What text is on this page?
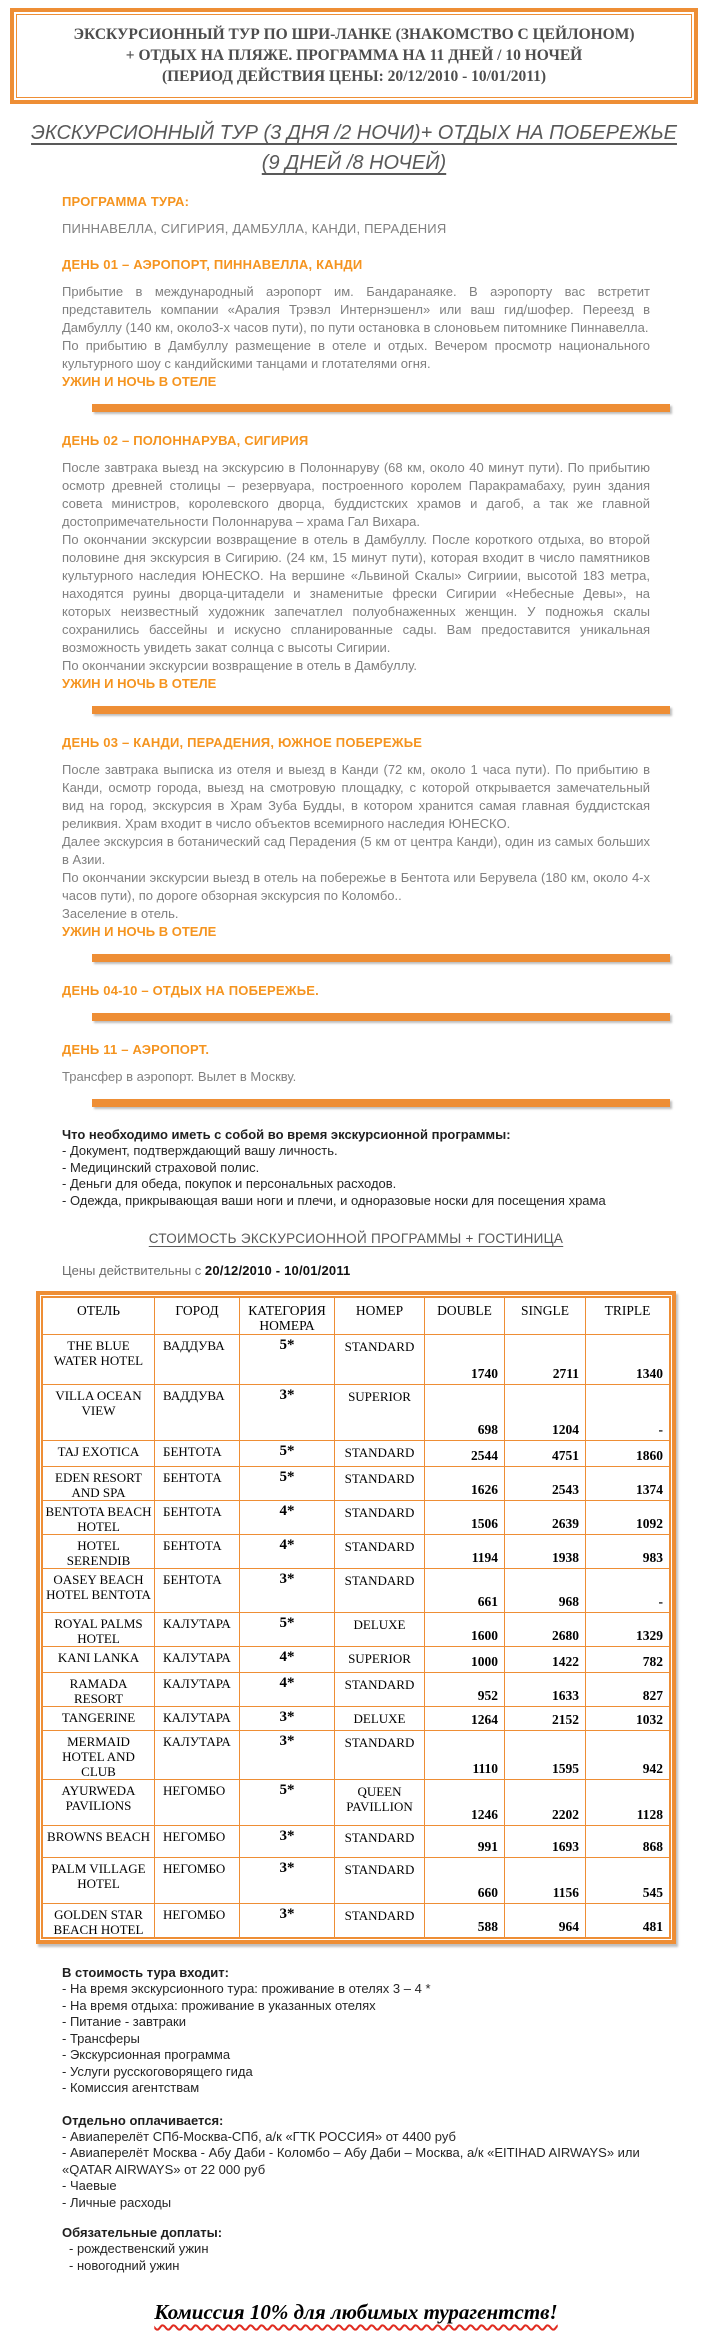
ЭКСКУРСИОННЫЙ ТУР ПО ШРИ-ЛАНКЕ (ЗНАКОМСТВО С ЦЕЙЛОНОМ)
+ ОТДЫХ НА ПЛЯЖЕ. ПРОГРАММА НА 11 ДНЕЙ / 10 НОЧЕЙ
(ПЕРИОД ДЕЙСТВИЯ ЦЕНЫ: 20/12/2010 - 10/01/2011)
ЭКСКУРСИОННЫЙ ТУР (3 ДНЯ /2 НОЧИ)+ ОТДЫХ НА ПОБЕРЕЖЬЕ
(9 ДНЕЙ /8 НОЧЕЙ)
ПРОГРАММА ТУРА:
ПИННАВЕЛЛА, СИГИРИЯ, ДАМБУЛЛА, КАНДИ, ПЕРАДЕНИЯ
ДЕНЬ 01 – АЭРОПОРТ, ПИННАВЕЛЛА, КАНДИ
Прибытие в международный аэропорт им. Бандаранаяке. В аэропорту вас встретит представитель компании «Аралия Трэвэл Интернэшенл» или ваш гид/шофер. Переезд в Дамбуллу (140 км, около3-х часов пути), по пути остановка в слоновьем питомнике Пиннавелла.
По прибытию в Дамбуллу размещение в отеле и отдых. Вечером просмотр национального культурного шоу с кандийскими танцами и глотателями огня.
УЖИН И НОЧЬ В ОТЕЛЕ
ДЕНЬ 02 – ПОЛОННАРУВА, СИГИРИЯ
После завтрака выезд на экскурсию в Полоннаруву (68 км, около 40 минут пути). По прибытию осмотр древней столицы – резервуара, построенного королем Паракрамабаху, руин здания совета министров, королевского дворца, буддистских храмов и дагоб, а так же главной достопримечательности Полоннарува – храма Гал Вихара.
По окончании экскурсии возвращение в отель в Дамбуллу. После короткого отдыха, во второй половине дня экскурсия в Сигирию. (24 км, 15 минут пути), которая входит в число памятников культурного наследия ЮНЕСКО. На вершине «Львиной Скалы» Сигриии, высотой 183 метра, находятся руины дворца-цитадели и знаменитые фрески Сигирии «Небесные Девы», на которых неизвестный художник запечатлел полуобнаженных женщин. У подножья скалы сохранились бассейны и искусно спланированные сады. Вам предоставится уникальная возможность увидеть закат солнца с высоты Сигирии.
По окончании экскурсии возвращение в отель в Дамбуллу.
УЖИН И НОЧЬ В ОТЕЛЕ
ДЕНЬ 03 – КАНДИ, ПЕРАДЕНИЯ, ЮЖНОЕ ПОБЕРЕЖЬЕ
После завтрака выписка из отеля и выезд в Канди (72 км, около 1 часа пути). По прибытию в Канди, осмотр города, выезд на смотровую площадку, с которой открывается замечательный вид на город, экскурсия в Храм Зуба Будды, в котором хранится самая главная буддистская реликвия. Храм входит в число объектов всемирного наследия ЮНЕСКО.
Далее экскурсия в ботанический сад Перадения (5 км от центра Канди), один из самых больших в Азии.
По окончании экскурсии выезд в отель на побережье в Бентота или Берувела (180 км, около 4-х часов пути), по дороге обзорная экскурсия по Коломбо..
Заселение в отель.
УЖИН И НОЧЬ В ОТЕЛЕ
ДЕНЬ 04-10 – ОТДЫХ НА ПОБЕРЕЖЬЕ.
ДЕНЬ 11 – АЭРОПОРТ.
Трансфер в аэропорт. Вылет в Москву.
Что необходимо иметь с собой во время экскурсионной программы:
- Документ, подтверждающий вашу личность.
- Медицинский страховой полис.
- Деньги для обеда, покупок и персональных расходов.
- Одежда, прикрывающая ваши ноги и плечи, и одноразовые носки для посещения храма
СТОИМОСТЬ ЭКСКУРСИОННОЙ ПРОГРАММЫ + ГОСТИНИЦА
Цены действительны с 20/12/2010 - 10/01/2011
ОТЕЛЬ	ГОРОД	КАТЕГОРИЯ НОМЕРА	НОМЕР	DOUBLE	SINGLE	TRIPLE
THE BLUE WATER HOTEL	ВАДДУВА	5*	STANDARD	1740	2711	1340
VILLA OCEAN VIEW	ВАДДУВА	3*	SUPERIOR	698	1204	-
TAJ EXOTICA	БЕНТОТА	5*	STANDARD	2544	4751	1860
EDEN RESORT AND SPA	БЕНТОТА	5*	STANDARD	1626	2543	1374
BENTOTA BEACH HOTEL	БЕНТОТА	4*	STANDARD	1506	2639	1092
HOTEL SERENDIB	БЕНТОТА	4*	STANDARD	1194	1938	983
OASEY BEACH HOTEL BENTOTA	БЕНТОТА	3*	STANDARD	661	968	-
ROYAL PALMS HOTEL	КАЛУТАРА	5*	DELUXE	1600	2680	1329
KANI LANKA	КАЛУТАРА	4*	SUPERIOR	1000	1422	782
RAMADA RESORT	КАЛУТАРА	4*	STANDARD	952	1633	827
TANGERINE	КАЛУТАРА	3*	DELUXE	1264	2152	1032
MERMAID HOTEL AND CLUB	КАЛУТАРА	3*	STANDARD	1110	1595	942
AYURWEDA PAVILIONS	НЕГОМБО	5*	QUEEN PAVILLION	1246	2202	1128
BROWNS BEACH	НЕГОМБО	3*	STANDARD	991	1693	868
PALM VILLAGE HOTEL	НЕГОМБО	3*	STANDARD	660	1156	545
GOLDEN STAR BEACH HOTEL	НЕГОМБО	3*	STANDARD	588	964	481
В стоимость тура входит:
- На время экскурсионного тура: проживание в отелях 3 – 4 *
- На время отдыха: проживание в указанных отелях
- Питание - завтраки
- Трансферы
- Экскурсионная программа
- Услуги русскоговорящего гида
- Комиссия агентствам
Отдельно оплачивается:
- Авиаперелёт СПб-Москва-СПб, а/к «ГТК РОССИЯ» от 4400 руб
- Авиаперелёт Москва - Абу Даби - Коломбо – Абу Даби – Москва, а/к «EITIHAD AIRWAYS» или «QATAR AIRWAYS» от 22 000 руб
- Чаевые
- Личные расходы
Обязательные доплаты:
- рождественский ужин
- новогодний ужин
Комиссия 10% для любимых турагентств!
